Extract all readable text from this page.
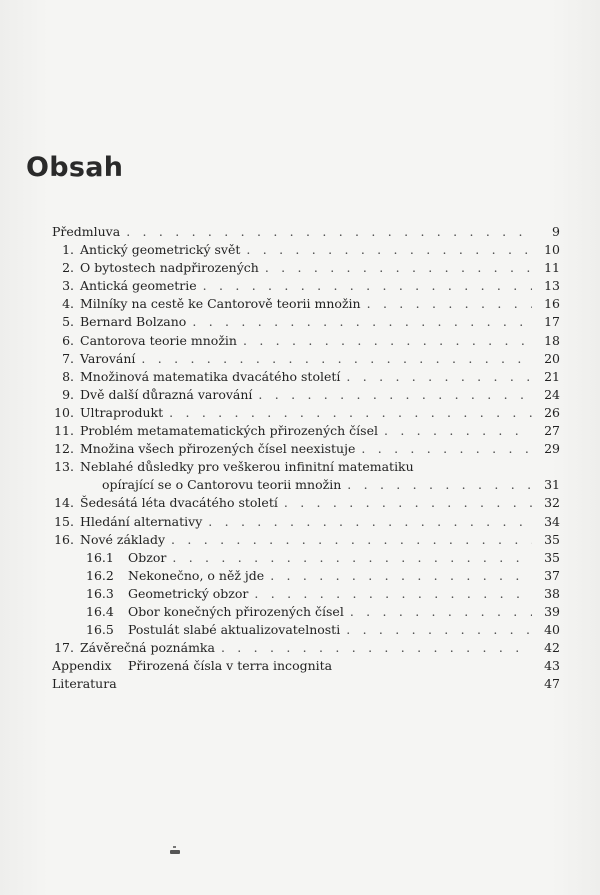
Obsah
Předmluva . . .	9
1. Antický geometrický svět . . .	10
2. O bytostech nadpřirozených . . .	11
3. Antická geometrie . . .	13
4. Milníky na cestě ke Cantorově teorii množin . . .	16
5. Bernard Bolzano . . .	17
6. Cantorova teorie množin . . .	18
7. Varování . . .	20
8. Množinová matematika dvacátého století . . .	21
9. Dvě další důrazná varování . . .	24
10. Ultraprodukt . . .	26
11. Problém metamatematických přirozených čísel . . .	27
12. Množina všech přirozených čísel neexistuje . . .	29
13. Neblahé důsledky pro veškerou infinitní matematiku
opírající se o Cantorovu teorii množin . . .	31
14. Šedesátá léta dvacátého století . . .	32
15. Hledání alternativy . . .	34
16. Nové základy . . .	35
16.1 Obzor . . .	35
16.2 Nekonečno, o něž jde . . .	37
16.3 Geometrický obzor . . .	38
16.4 Obor konečných přirozených čísel . . .	39
16.5 Postulát slabé aktualizovatelnosti . . .	40
17. Závěrečná poznámka . . .	42
Appendix	Přirozená čísla v terra incognita	43
Literatura	47
